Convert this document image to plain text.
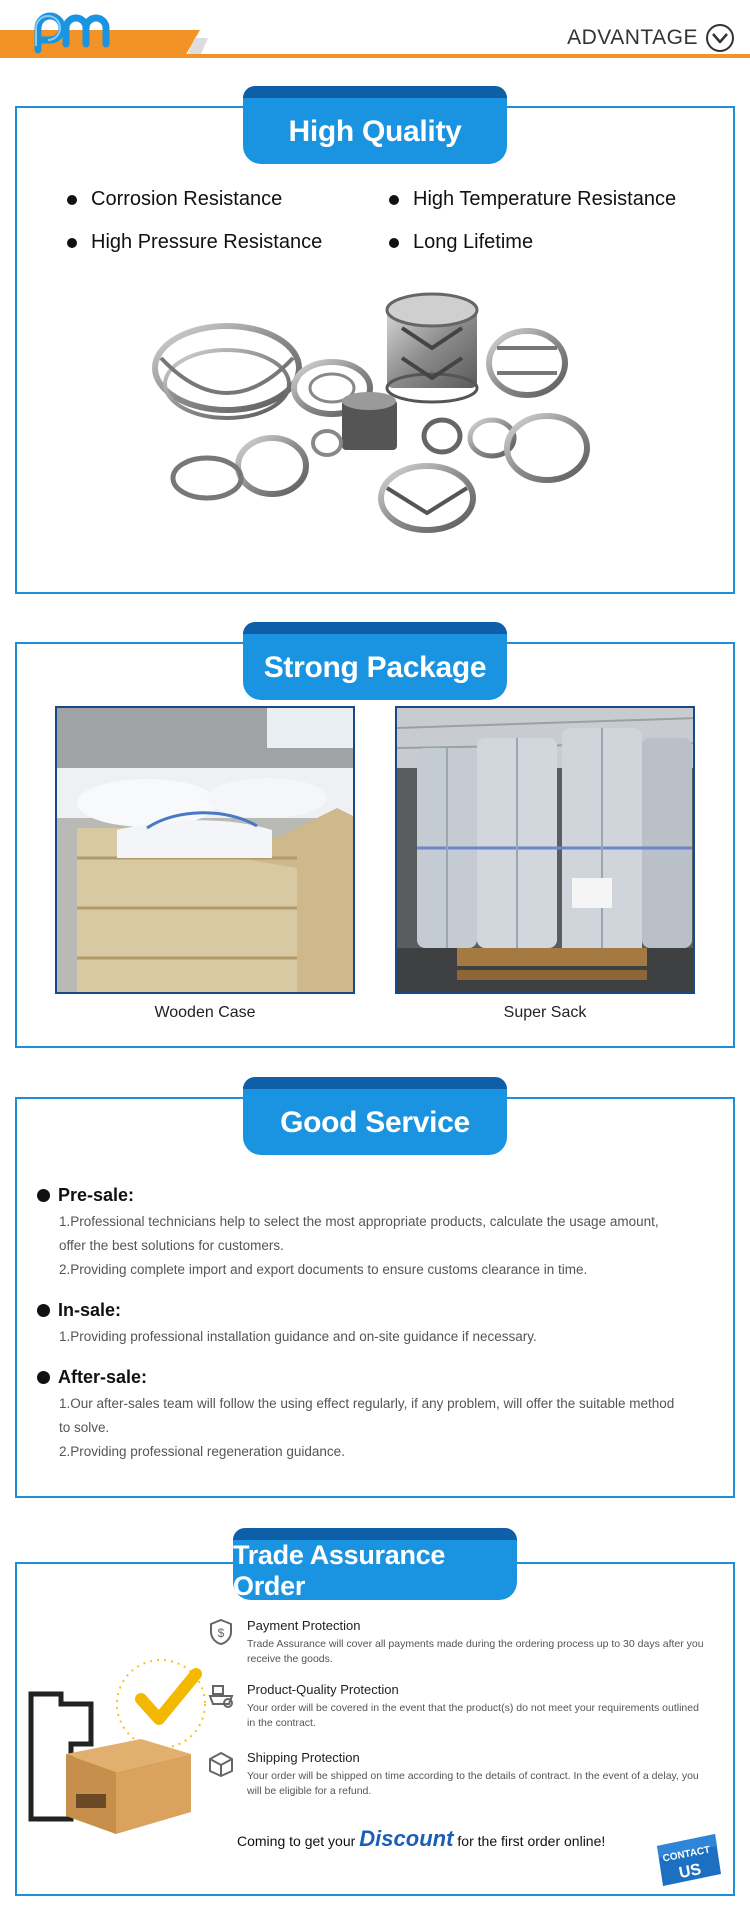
ADVANTAGE
High Quality
Corrosion Resistance	High Temperature Resistance
High Pressure Resistance	Long Lifetime
Strong Package
Wooden Case	Super Sack
Good Service
Pre-sale:
1.Professional technicians help to select the most appropriate products, calculate the usage amount,
offer the best solutions for customers.
2.Providing complete import and export documents to ensure customs clearance in time.
In-sale:
1.Providing professional installation guidance and on-site guidance if necessary.
After-sale:
1.Our after-sales team will follow the using effect regularly, if any problem, will offer the suitable method
to solve.
2.Providing professional regeneration guidance.
Trade Assurance Order
$ Payment Protection
Trade Assurance will cover all payments made during the ordering process up to 30 days after you
receive the goods.
Product-Quality Protection
Your order will be covered in the event that the product(s) do not meet your requirements outlined
in the contract.
Shipping Protection
Your order will be shipped on time according to the details of contract. In the event of a delay, you
will be eligible for a refund.
Coming to get your Discount for the first order online!
CONTACT
US
